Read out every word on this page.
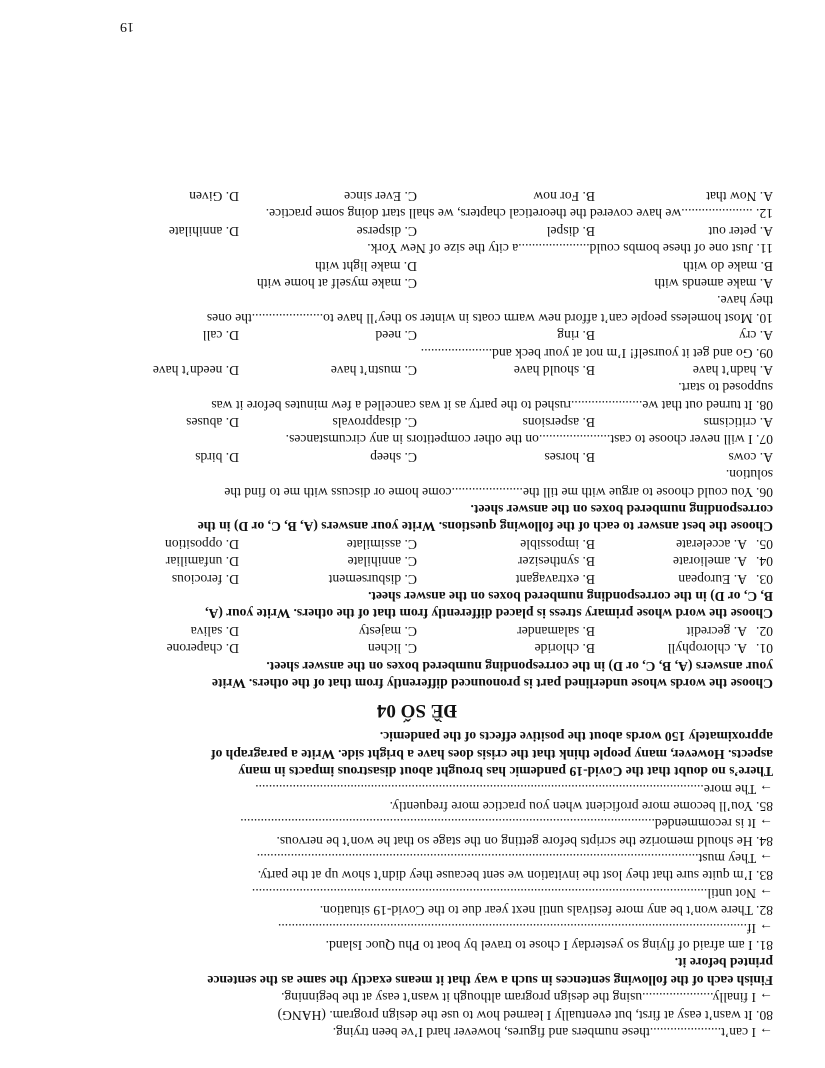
→ I can’t.....................these numbers and figures, however hard I’ve been trying.
80. It wasn’t easy at first, but eventually I learned how to use the design program. (HANG)
→ I finally.....................using the design program although it wasn’t easy at the beginning.
Finish each of the following sentences in such a way that it means exactly the same as the sentence
printed before it.
81. I am afraid of flying so yesterday I chose to travel by boat to Phu Quoc Island.
→ If..........................................................................................................................................
82. There won’t be any more festivals until next year due to the Covid-19 situation.
→ Not until......................................................................................................................................
83. I’m quite sure that they lost the invitation we sent because they didn’t show up at the party.
→ They must..................................................................................................................................
84. He should memorize the scripts before getting on the stage so that he won’t be nervous.
→ It is recommended..........................................................................................................................
85. You’ll become more proficient when you practice more frequently.
→ The more....................................................................................................................................
There’s no doubt that the Covid-19 pandemic has brought about disastrous impacts in many
aspects. However, many people think that the crisis does have a bright side. Write a paragraph of
approximately 150 words about the positive effects of the pandemic.
ĐỀ SỐ 04
Choose the words whose underlined part is pronounced differently from that of the others. Write
your answers (A, B, C, or D) in the corresponding numbered boxes on the answer sheet.
01.
A. chlorophyll
B. chloride
C. lichen
D. chaperone
02.
A. gecredit
B. salamander
C. majesty
D. saliva
Choose the word whose primary stress is placed differently from that of the others. Write your (A,
B, C, or D) in the corresponding numbered boxes on the answer sheet.
03.
A. European
B. extravagant
C. disbursement
D. ferocious
04.
A. ameliorate
B. synthesizer
C. annihilate
D. unfamiliar
05.
A. accelerate
B. impossible
C. assimilate
D. opposition
Choose the best answer to each of the following questions. Write your answers (A, B, C, or D) in the
corresponding numbered boxes on the answer sheet.
06. You could choose to argue with me till the.....................come home or discuss with me to find the
solution.
A. cows
B. horses
C. sheep
D. birds
07. I will never choose to cast.....................on the other competitors in any circumstances.
A. criticisms
B. aspersions
C. disapprovals
D. abuses
08. It turned out that we.....................rushed to the party as it was cancelled a few minutes before it was
supposed to start.
A. hadn’t have
B. should have
C. mustn’t have
D. needn’t have
09. Go and get it yourself! I’m not at your beck and.....................
A. cry
B. ring
C. need
D. call
10. Most homeless people can’t afford new warm coats in winter so they’ll have to.....................the ones
they have.
A. make amends with
C. make myself at home with
B. make do with
D. make light with
11. Just one of these bombs could.....................a city the size of New York.
A. peter out
B. dispel
C. disperse
D. annihilate
12. .....................we have covered the theoretical chapters, we shall start doing some practice.
A. Now that
B. For now
C. Ever since
D. Given
19
